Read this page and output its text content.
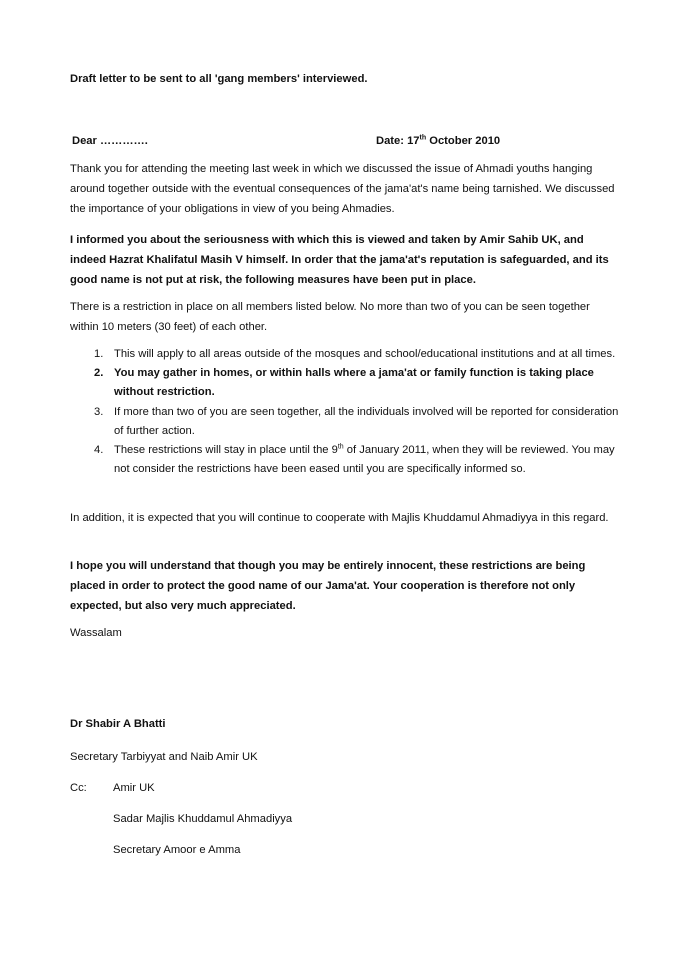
Draft letter to be sent to all 'gang members' interviewed.
Dear ………….	Date: 17th October 2010
Thank you for attending the meeting last week in which we discussed the issue of Ahmadi youths hanging around together outside with the eventual consequences of the jama'at's name being tarnished. We discussed the importance of your obligations in view of you being Ahmadies.
I informed you about the seriousness with which this is viewed and taken by Amir Sahib UK, and indeed Hazrat Khalifatul Masih V himself. In order that the jama'at's reputation is safeguarded, and its good name is not put at risk, the following measures have been put in place.
There is a restriction in place on all members listed below. No more than two of you can be seen together within 10 meters (30 feet) of each other.
1. This will apply to all areas outside of the mosques and school/educational institutions and at all times.
2. You may gather in homes, or within halls where a jama'at or family function is taking place without restriction.
3. If more than two of you are seen together, all the individuals involved will be reported for consideration of further action.
4. These restrictions will stay in place until the 9th of January 2011, when they will be reviewed. You may not consider the restrictions have been eased until you are specifically informed so.
In addition, it is expected that you will continue to cooperate with Majlis Khuddamul Ahmadiyya in this regard.
I hope you will understand that though you may be entirely innocent, these restrictions are being placed in order to protect the good name of our Jama'at. Your cooperation is therefore not only expected, but also very much appreciated.
Wassalam
Dr Shabir A Bhatti
Secretary Tarbiyyat and Naib Amir UK
Cc: Amir UK
Sadar Majlis Khuddamul Ahmadiyya
Secretary Amoor e Amma
